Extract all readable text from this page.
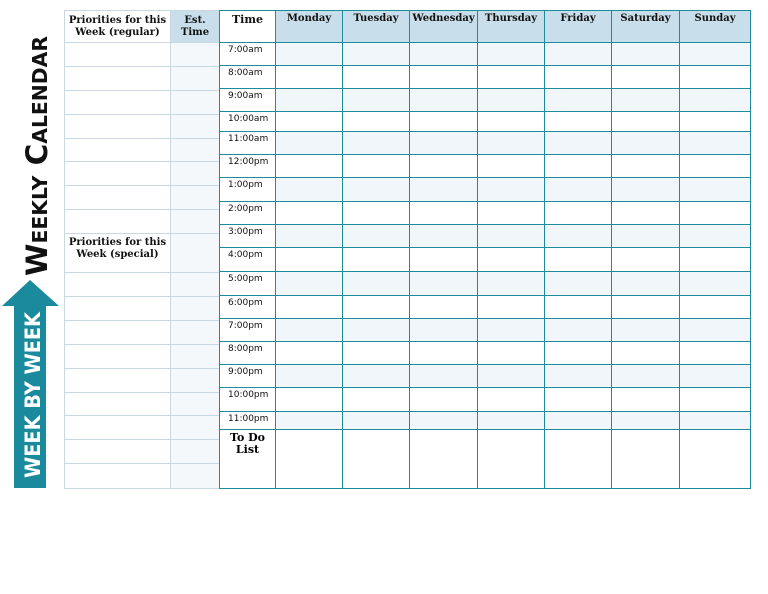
WEEK BY WEEK
Weekly Calendar
Priorities for this Week (regular)	Est. Time

Priorities for this Week (special)	

Time	Monday	Tuesday	Wednesday	Thursday	Friday	Saturday	Sunday
7:00am							
8:00am							
9:00am							
10:00am							
11:00am							
12:00pm							
1:00pm							
2:00pm							
3:00pm							
4:00pm							
5:00pm							
6:00pm							
7:00pm							
8:00pm							
9:00pm							
10:00pm							
11:00pm							
To Do List							
